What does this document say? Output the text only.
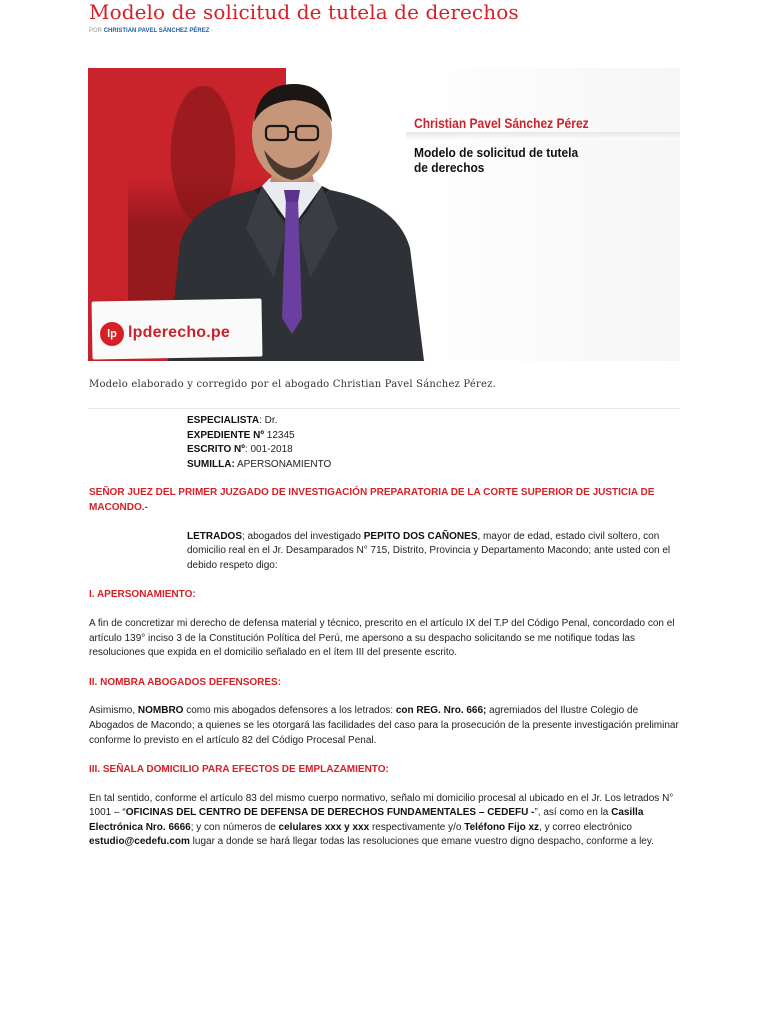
Modelo de solicitud de tutela de derechos
POR CHRISTIAN PAVEL SÁNCHEZ PÉREZ -
Christian Pavel Sánchez Pérez
Modelo de solicitud de tutela de derechos
lp lpderecho.pe
Modelo elaborado y corregido por el abogado Christian Pavel Sánchez Pérez.
ESPECIALISTA: Dr.
EXPEDIENTE Nº 12345
ESCRITO Nº: 001-2018
SUMILLA: APERSONAMIENTO

SEÑOR JUEZ DEL PRIMER JUZGADO DE INVESTIGACIÓN PREPARATORIA DE LA CORTE SUPERIOR DE JUSTICIA DE MACONDO.-

LETRADOS; abogados del investigado PEPITO DOS CAÑONES, mayor de edad, estado civil soltero, con domicilio real en el Jr. Desamparados N° 715, Distrito, Provincia y Departamento Macondo; ante usted con el debido respeto digo:

I. APERSONAMIENTO:

A fin de concretizar mi derecho de defensa material y técnico, prescrito en el artículo IX del T.P del Código Penal, concordado con el artículo 139° inciso 3 de la Constitución Política del Perú, me apersono a su despacho solicitando se me notifique todas las resoluciones que expida en el domicilio señalado en el ítem III del presente escrito.

II. NOMBRA ABOGADOS DEFENSORES:

Asimismo, NOMBRO como mis abogados defensores a los letrados: con REG. Nro. 666; agremiados del Ilustre Colegio de Abogados de Macondo; a quienes se les otorgará las facilidades del caso para la prosecución de la presente investigación preliminar conforme lo previsto en el artículo 82 del Código Procesal Penal.

III. SEÑALA DOMICILIO PARA EFECTOS DE EMPLAZAMIENTO:

En tal sentido, conforme el artículo 83 del mismo cuerpo normativo, señalo mi domicilio procesal al ubicado en el Jr. Los letrados N° 1001 – “OFICINAS DEL CENTRO DE DEFENSA DE DERECHOS FUNDAMENTALES – CEDEFU -”, así como en la Casilla Electrónica Nro. 6666; y con números de celulares xxx y xxx respectivamente y/o Teléfono Fijo xz, y correo electrónico estudio@cedefu.com lugar a donde se hará llegar todas las resoluciones que emane vuestro digno despacho, conforme a ley.
